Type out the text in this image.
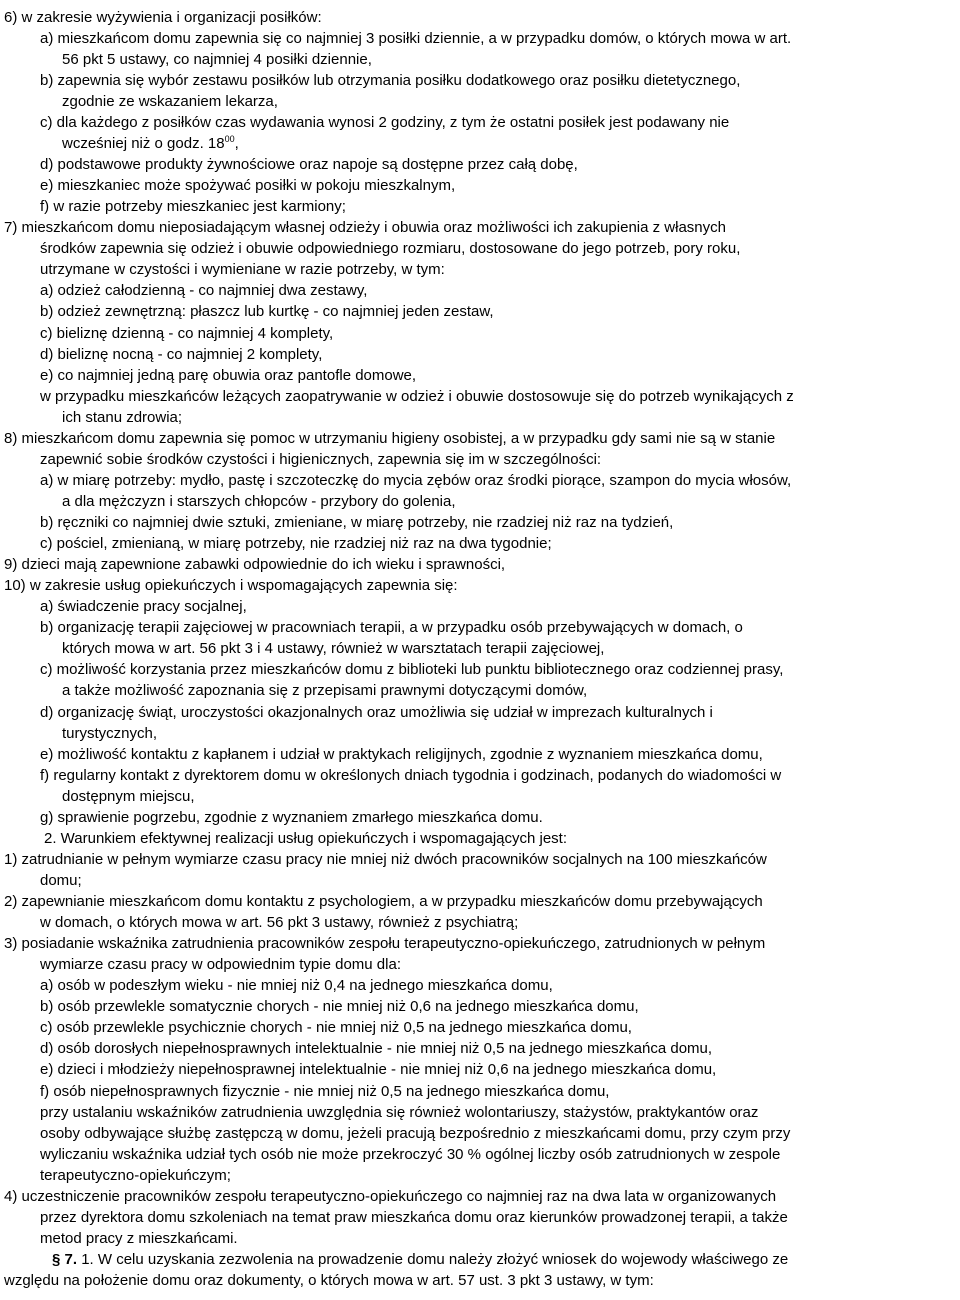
6) w zakresie wyżywienia i organizacji posiłków:

a) mieszkańcom domu zapewnia się co najmniej 3 posiłki dziennie, a w przypadku domów, o których mowa w art.

56 pkt 5 ustawy, co najmniej 4 posiłki dziennie,

b) zapewnia się wybór zestawu posiłków lub otrzymania posiłku dodatkowego oraz posiłku dietetycznego,

zgodnie ze wskazaniem lekarza,

c) dla każdego z posiłków czas wydawania wynosi 2 godziny, z tym że ostatni posiłek jest podawany nie

wcześniej niż o godz. $18^{00}$,

d) podstawowe produkty żywnościowe oraz napoje są dostępne przez całą dobę,

e) mieszkaniec może spożywać posiłki w pokoju mieszkalnym,

f) w razie potrzeby mieszkaniec jest karmiony;

7) mieszkańcom domu nieposiadającym własnej odzieży i obuwia oraz możliwości ich zakupienia z własnych

środków zapewnia się odzież i obuwie odpowiedniego rozmiaru, dostosowane do jego potrzeb, pory roku,

utrzymane w czystości i wymieniane w razie potrzeby, w tym:

a) odzież całodzienną - co najmniej dwa zestawy,

b) odzież zewnętrzną: płaszcz lub kurtkę - co najmniej jeden zestaw,

c) bieliznę dzienną - co najmniej 4 komplety,

d) bieliznę nocną - co najmniej 2 komplety,

e) co najmniej jedną parę obuwia oraz pantofle domowe,

w przypadku mieszkańców leżących zaopatrywanie w odzież i obuwie dostosowuje się do potrzeb wynikających z

ich stanu zdrowia;

8) mieszkańcom domu zapewnia się pomoc w utrzymaniu higieny osobistej, a w przypadku gdy sami nie są w stanie

zapewnić sobie środków czystości i higienicznych, zapewnia się im w szczególności:

a) w miarę potrzeby: mydło, pastę i szczoteczkę do mycia zębów oraz środki piorące, szampon do mycia włosów,

a dla mężczyzn i starszych chłopców - przybory do golenia,

b) ręczniki co najmniej dwie sztuki, zmieniane, w miarę potrzeby, nie rzadziej niż raz na tydzień,

c) pościel, zmienianą, w miarę potrzeby, nie rzadziej niż raz na dwa tygodnie;

9) dzieci mają zapewnione zabawki odpowiednie do ich wieku i sprawności,

10) w zakresie usług opiekuńczych i wspomagających zapewnia się:

a) świadczenie pracy socjalnej,

b) organizację terapii zajęciowej w pracowniach terapii, a w przypadku osób przebywających w domach, o

których mowa w art. 56 pkt 3 i 4 ustawy, również w warsztatach terapii zajęciowej,

c) możliwość korzystania przez mieszkańców domu z biblioteki lub punktu bibliotecznego oraz codziennej prasy,

a także możliwość zapoznania się z przepisami prawnymi dotyczącymi domów,

d) organizację świąt, uroczystości okazjonalnych oraz umożliwia się udział w imprezach kulturalnych i

turystycznych,

e) możliwość kontaktu z kapłanem i udział w praktykach religijnych, zgodnie z wyznaniem mieszkańca domu,

f) regularny kontakt z dyrektorem domu w określonych dniach tygodnia i godzinach, podanych do wiadomości w

dostępnym miejscu,

g) sprawienie pogrzebu, zgodnie z wyznaniem zmarłego mieszkańca domu.

2. Warunkiem efektywnej realizacji usług opiekuńczych i wspomagających jest:

1) zatrudnianie w pełnym wymiarze czasu pracy nie mniej niż dwóch pracowników socjalnych na 100 mieszkańców

domu;

2) zapewnianie mieszkańcom domu kontaktu z psychologiem, a w przypadku mieszkańców domu przebywających

w domach, o których mowa w art. 56 pkt 3 ustawy, również z psychiatrą;

3) posiadanie wskaźnika zatrudnienia pracowników zespołu terapeutyczno-opiekuńczego, zatrudnionych w pełnym

wymiarze czasu pracy w odpowiednim typie domu dla:

a) osób w podeszłym wieku - nie mniej niż 0,4 na jednego mieszkańca domu,

b) osób przewlekle somatycznie chorych - nie mniej niż 0,6 na jednego mieszkańca domu,

c) osób przewlekle psychicznie chorych - nie mniej niż 0,5 na jednego mieszkańca domu,

d) osób dorosłych niepełnosprawnych intelektualnie - nie mniej niż 0,5 na jednego mieszkańca domu,

e) dzieci i młodzieży niepełnosprawnej intelektualnie - nie mniej niż 0,6 na jednego mieszkańca domu,

f) osób niepełnosprawnych fizycznie - nie mniej niż 0,5 na jednego mieszkańca domu,

przy ustalaniu wskaźników zatrudnienia uwzględnia się również wolontariuszy, stażystów, praktykantów oraz

osoby odbywające służbę zastępczą w domu, jeżeli pracują bezpośrednio z mieszkańcami domu, przy czym przy

wyliczaniu wskaźnika udział tych osób nie może przekroczyć 30 % ogólnej liczby osób zatrudnionych w zespole

terapeutyczno-opiekuńczym;

4) uczestniczenie pracowników zespołu terapeutyczno-opiekuńczego co najmniej raz na dwa lata w organizowanych

przez dyrektora domu szkoleniach na temat praw mieszkańca domu oraz kierunków prowadzonej terapii, a także

metod pracy z mieszkańcami.

§ 7. 1. W celu uzyskania zezwolenia na prowadzenie domu należy złożyć wniosek do wojewody właściwego ze

względu na położenie domu oraz dokumenty, o których mowa w art. 57 ust. 3 pkt 3 ustawy, w tym:
